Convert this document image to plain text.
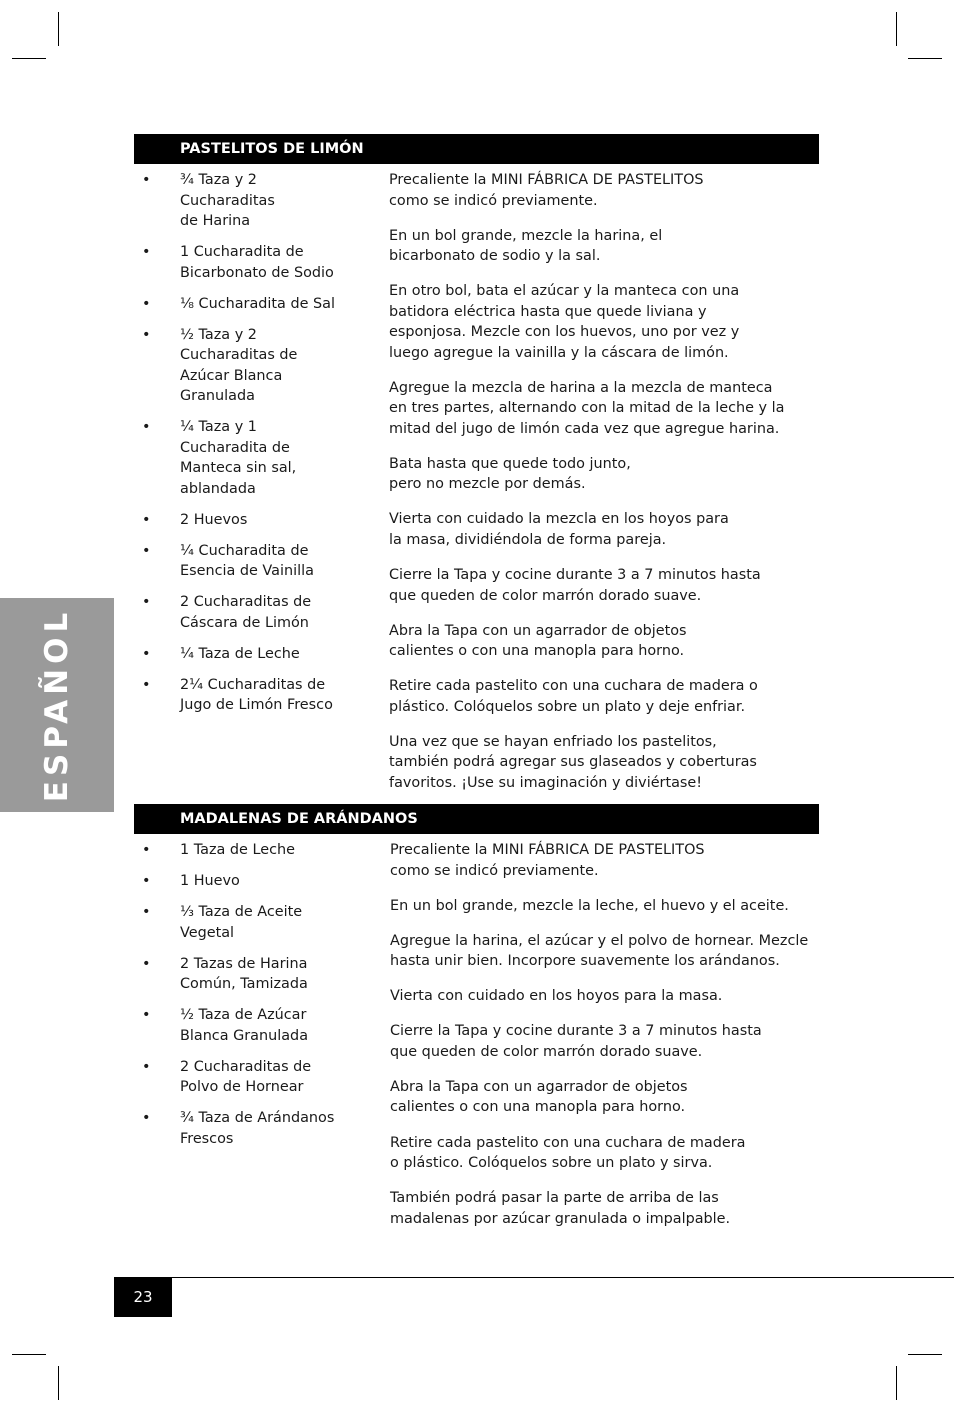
ESPAÑOL
PASTELITOS DE LIMÓN
• ¾ Taza y 2
Cucharaditas
de Harina
• 1 Cucharadita de
Bicarbonato de Sodio
• ⅛ Cucharadita de Sal
• ½ Taza y 2
Cucharaditas de
Azúcar Blanca
Granulada
• ¼ Taza y 1
Cucharadita de
Manteca sin sal,
ablandada
• 2 Huevos
• ¼ Cucharadita de
Esencia de Vainilla
• 2 Cucharaditas de
Cáscara de Limón
• ¼ Taza de Leche
• 2¼ Cucharaditas de
Jugo de Limón Fresco

Precaliente la MINI FÁBRICA DE PASTELITOS
como se indicó previamente.

En un bol grande, mezcle la harina, el
bicarbonato de sodio y la sal.

En otro bol, bata el azúcar y la manteca con una
batidora eléctrica hasta que quede liviana y
esponjosa. Mezcle con los huevos, uno por vez y
luego agregue la vainilla y la cáscara de limón.

Agregue la mezcla de harina a la mezcla de manteca
en tres partes, alternando con la mitad de la leche y la
mitad del jugo de limón cada vez que agregue harina.

Bata hasta que quede todo junto,
pero no mezcle por demás.

Vierta con cuidado la mezcla en los hoyos para
la masa, dividiéndola de forma pareja.

Cierre la Tapa y cocine durante 3 a 7 minutos hasta
que queden de color marrón dorado suave.

Abra la Tapa con un agarrador de objetos
calientes o con una manopla para horno.

Retire cada pastelito con una cuchara de madera o
plástico. Colóquelos sobre un plato y deje enfriar.

Una vez que se hayan enfriado los pastelitos,
también podrá agregar sus glaseados y coberturas
favoritos. ¡Use su imaginación y diviértase!

MADALENAS DE ARÁNDANOS
• 1 Taza de Leche
• 1 Huevo
• ⅓ Taza de Aceite
Vegetal
• 2 Tazas de Harina
Común, Tamizada
• ½ Taza de Azúcar
Blanca Granulada
• 2 Cucharaditas de
Polvo de Hornear
• ¾ Taza de Arándanos
Frescos

Precaliente la MINI FÁBRICA DE PASTELITOS
como se indicó previamente.

En un bol grande, mezcle la leche, el huevo y el aceite.

Agregue la harina, el azúcar y el polvo de hornear. Mezcle
hasta unir bien. Incorpore suavemente los arándanos.

Vierta con cuidado en los hoyos para la masa.

Cierre la Tapa y cocine durante 3 a 7 minutos hasta
que queden de color marrón dorado suave.

Abra la Tapa con un agarrador de objetos
calientes o con una manopla para horno.

Retire cada pastelito con una cuchara de madera
o plástico. Colóquelos sobre un plato y sirva.

También podrá pasar la parte de arriba de las
madalenas por azúcar granulada o impalpable.

23
